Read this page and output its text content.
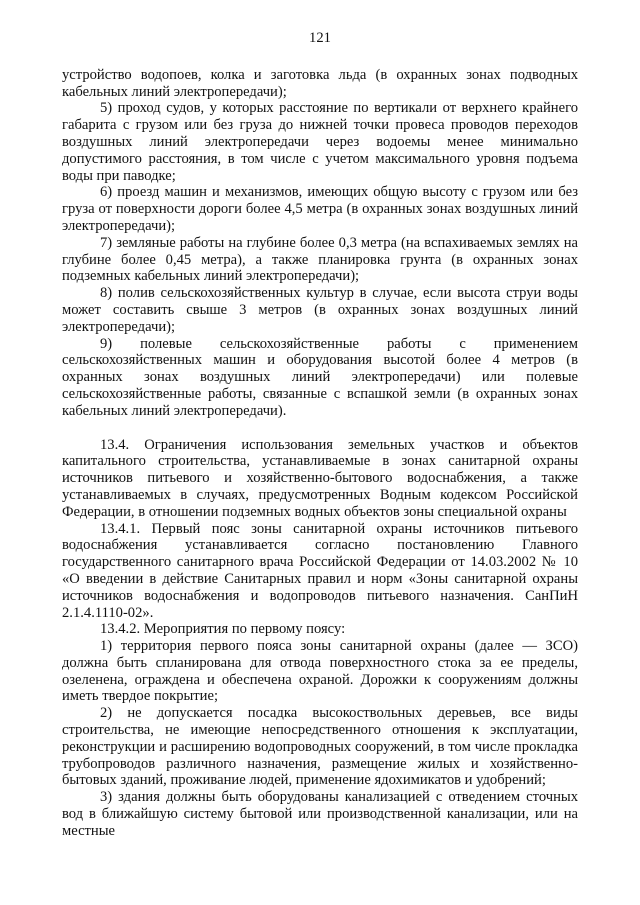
121

устройство водопоев, колка и заготовка льда (в охранных зонах подводных кабельных линий электропередачи);

5) проход судов, у которых расстояние по вертикали от верхнего крайнего габарита с грузом или без груза до нижней точки провеса проводов переходов воздушных линий электропередачи через водоемы менее минимально допустимого расстояния, в том числе с учетом максимального уровня подъема воды при паводке;

6) проезд машин и механизмов, имеющих общую высоту с грузом или без груза от поверхности дороги более 4,5 метра (в охранных зонах воздушных линий электропередачи);

7) земляные работы на глубине более 0,3 метра (на вспахиваемых землях на глубине более 0,45 метра), а также планировка грунта (в охранных зонах подземных кабельных линий электропередачи);

8) полив сельскохозяйственных культур в случае, если высота струи воды может составить свыше 3 метров (в охранных зонах воздушных линий электропередачи);

9) полевые сельскохозяйственные работы с применением сельскохозяйственных машин и оборудования высотой более 4 метров (в охранных зонах воздушных линий электропередачи) или полевые сельскохозяйственные работы, связанные с вспашкой земли (в охранных зонах кабельных линий электропередачи).

13.4. Ограничения использования земельных участков и объектов капитального строительства, устанавливаемые в зонах санитарной охраны источников питьевого и хозяйственно-бытового водоснабжения, а также устанавливаемых в случаях, предусмотренных Водным кодексом Российской Федерации, в отношении подземных водных объектов зоны специальной охраны

13.4.1. Первый пояс зоны санитарной охраны источников питьевого водоснабжения устанавливается согласно постановлению Главного государственного санитарного врача Российской Федерации от 14.03.2002 № 10 «О введении в действие Санитарных правил и норм «Зоны санитарной охраны источников водоснабжения и водопроводов питьевого назначения. СанПиН 2.1.4.1110-02».

13.4.2. Мероприятия по первому поясу:

1) территория первого пояса зоны санитарной охраны (далее — ЗСО) должна быть спланирована для отвода поверхностного стока за ее пределы, озеленена, ограждена и обеспечена охраной. Дорожки к сооружениям должны иметь твердое покрытие;

2) не допускается посадка высокоствольных деревьев, все виды строительства, не имеющие непосредственного отношения к эксплуатации, реконструкции и расширению водопроводных сооружений, в том числе прокладка трубопроводов различного назначения, размещение жилых и хозяйственно-бытовых зданий, проживание людей, применение ядохимикатов и удобрений;

3) здания должны быть оборудованы канализацией с отведением сточных вод в ближайшую систему бытовой или производственной канализации, или на местные
